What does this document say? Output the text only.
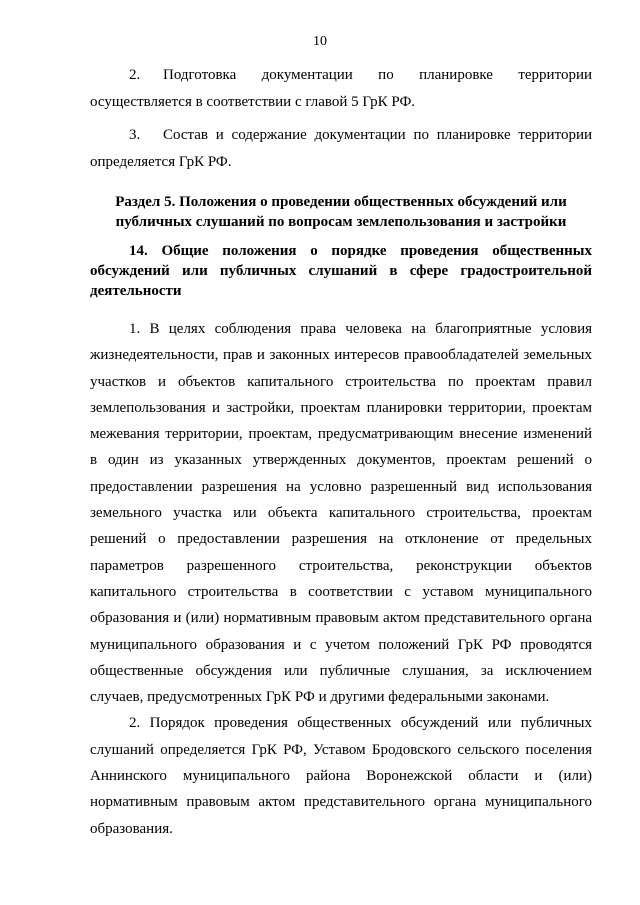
10

2. Подготовка документации по планировке территории

осуществляется в соответствии с главой 5 ГрК РФ.

3. Состав и содержание документации по планировке территории

определяется ГрК РФ.

Раздел 5. Положения о проведении общественных обсуждений или публичных слушаний по вопросам землепользования и застройки

14. Общие положения о порядке проведения общественных обсуждений или публичных слушаний в сфере градостроительной деятельности

1. В целях соблюдения права человека на благоприятные условия жизнедеятельности, прав и законных интересов правообладателей земельных участков и объектов капитального строительства по проектам правил землепользования и застройки, проектам планировки территории, проектам межевания территории, проектам, предусматривающим внесение изменений в один из указанных утвержденных документов, проектам решений о предоставлении разрешения на условно разрешенный вид использования земельного участка или объекта капитального строительства, проектам решений о предоставлении разрешения на отклонение от предельных параметров разрешенного строительства, реконструкции объектов капитального строительства в соответствии с уставом муниципального образования и (или) нормативным правовым актом представительного органа муниципального образования и с учетом положений ГрК РФ проводятся общественные обсуждения или публичные слушания, за исключением случаев, предусмотренных ГрК РФ и другими федеральными законами.

2. Порядок проведения общественных обсуждений или публичных слушаний определяется ГрК РФ, Уставом Бродовского сельского поселения Аннинского муниципального района Воронежской области и (или) нормативным правовым актом представительного органа муниципального образования.
